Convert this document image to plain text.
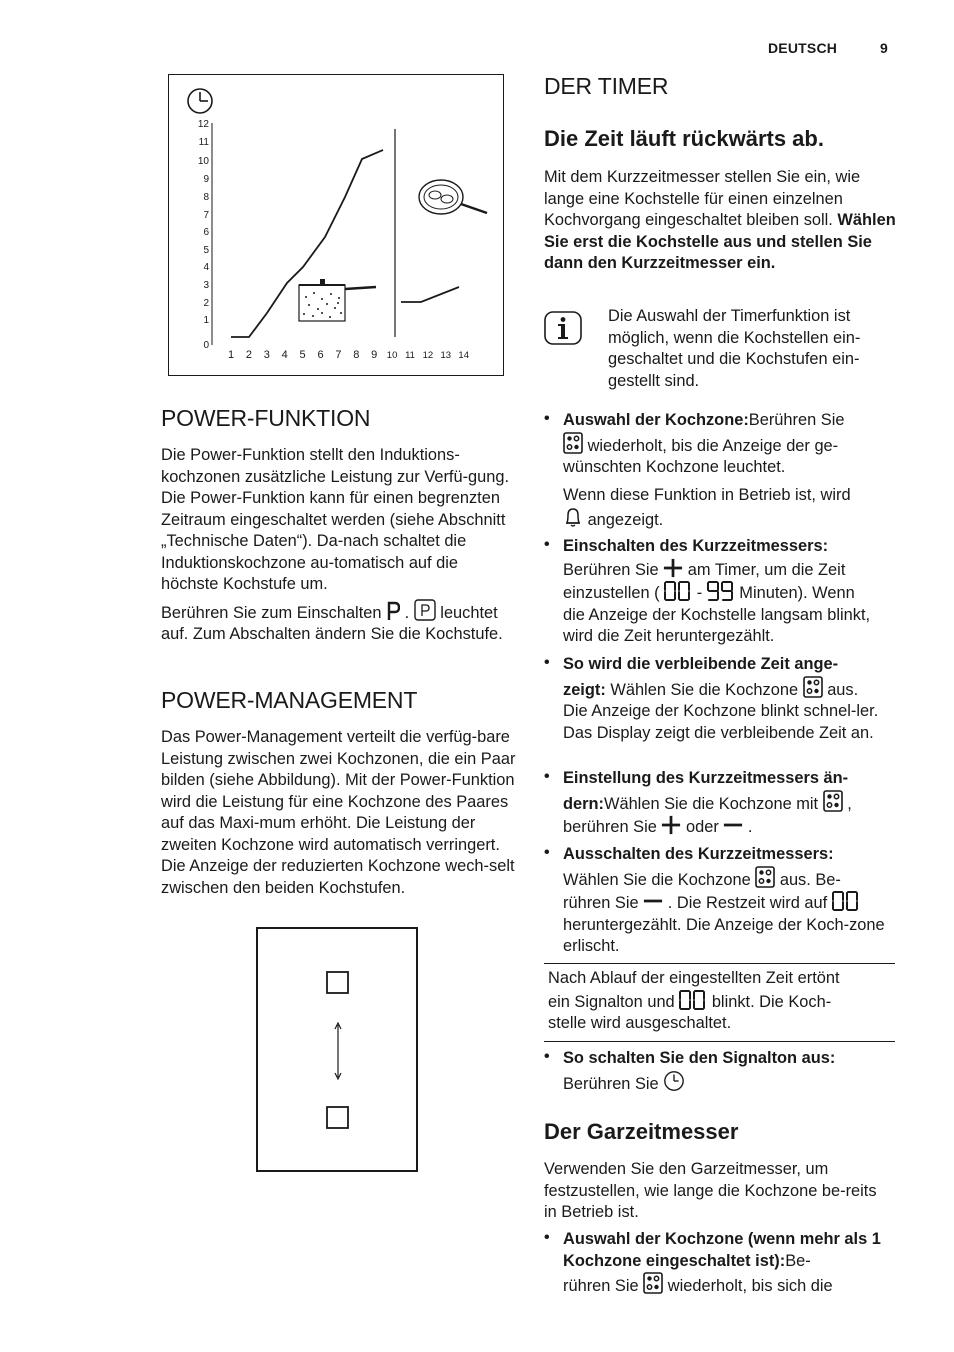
DEUTSCH	9
12
11
10
9
8
7
6
5
4
3
2
1
0
1 2 3 4 5 6 7 8 9 10 11 12 13 14
POWER-FUNKTION
Die Power-Funktion stellt den Induktions-kochzonen zusätzliche Leistung zur Verfü-gung. Die Power-Funktion kann für einen begrenzten Zeitraum eingeschaltet werden (siehe Abschnitt „Technische Daten“). Da-nach schaltet die Induktionskochzone au-tomatisch auf die höchste Kochstufe um.
Berühren Sie zum Einschalten . leuchtet auf. Zum Abschalten ändern Sie die Kochstufe.
POWER-MANAGEMENT
Das Power-Management verteilt die verfüg-bare Leistung zwischen zwei Kochzonen, die ein Paar bilden (siehe Abbildung). Mit der Power-Funktion wird die Leistung für eine Kochzone des Paares auf das Maxi-mum erhöht. Die Leistung der zweiten Kochzone wird automatisch verringert. Die Anzeige der reduzierten Kochzone wech-selt zwischen den beiden Kochstufen.
DER TIMER
Die Zeit läuft rückwärts ab.
Mit dem Kurzzeitmesser stellen Sie ein, wie lange eine Kochstelle für einen einzelnen Kochvorgang eingeschaltet bleiben soll. Wählen Sie erst die Kochstelle aus und stellen Sie dann den Kurzzeitmesser ein.
Die Auswahl der Timerfunktion ist möglich, wenn die Kochstellen ein-geschaltet und die Kochstufen ein-gestellt sind.
• Auswahl der Kochzone:Berühren Sie
wiederholt, bis die Anzeige der ge-
wünschten Kochzone leuchtet.
Wenn diese Funktion in Betrieb ist, wird
angezeigt.
• Einschalten des Kurzzeitmessers:
Berühren Sie am Timer, um die Zeit
einzustellen ( - Minuten). Wenn
die Anzeige der Kochstelle langsam blinkt, wird die Zeit heruntergezählt.
• So wird die verbleibende Zeit ange-
zeigt: Wählen Sie die Kochzone aus.
Die Anzeige der Kochzone blinkt schnel-ler. Das Display zeigt die verbleibende Zeit an.
• Einstellung des Kurzzeitmessers än-
dern:Wählen Sie die Kochzone mit ,
berühren Sie oder .
• Ausschalten des Kurzzeitmessers:
Wählen Sie die Kochzone aus. Be-
rühren Sie . Die Restzeit wird auf
heruntergezählt. Die Anzeige der Koch-zone erlischt.
Nach Ablauf der eingestellten Zeit ertönt
ein Signalton und blinkt. Die Koch-
stelle wird ausgeschaltet.
• So schalten Sie den Signalton aus:
Berühren Sie
Der Garzeitmesser
Verwenden Sie den Garzeitmesser, um festzustellen, wie lange die Kochzone be-reits in Betrieb ist.
• Auswahl der Kochzone (wenn mehr als 1 Kochzone eingeschaltet ist):Be-
rühren Sie wiederholt, bis sich die
